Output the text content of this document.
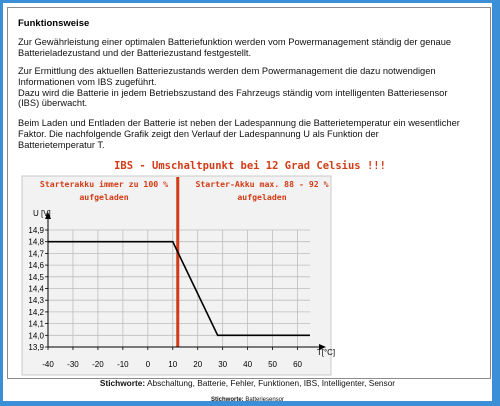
Funktionsweise
Zur Gewährleistung einer optimalen Batteriefunktion werden vom Powermanagement ständig der genaue
Batterieladezustand und der Batteriezustand festgestellt.
Zur Ermittlung des aktuellen Batteriezustands werden dem Powermanagement die dazu notwendigen
Informationen vom IBS zugeführt.
Dazu wird die Batterie in jedem Betriebszustand des Fahrzeugs ständig vom intelligenten Batteriesensor
(IBS) überwacht.
Beim Laden und Entladen der Batterie ist neben der Ladespannung die Batterietemperatur ein wesentlicher
Faktor. Die nachfolgende Grafik zeigt den Verlauf der Ladespannung U als Funktion der
Batterietemperatur T.
IBS - Umschaltpunkt bei 12 Grad Celsius !!!
-40 -30 -20 -10 0 10 20 30 40 50 60
13,9
14,0
14,1
14,2
14,3
14,4
14,5
14,6
14,7
14,8
14,9
U [V]
T[°C]
Starterakku immer zu 100 %
aufgeladen
Starter-Akku max. 88 - 92 %
aufgeladen
Stichworte: Abschaltung, Batterie, Fehler, Funktionen, IBS, Intelligenter, Sensor
Stichworte: Batteriesensor
